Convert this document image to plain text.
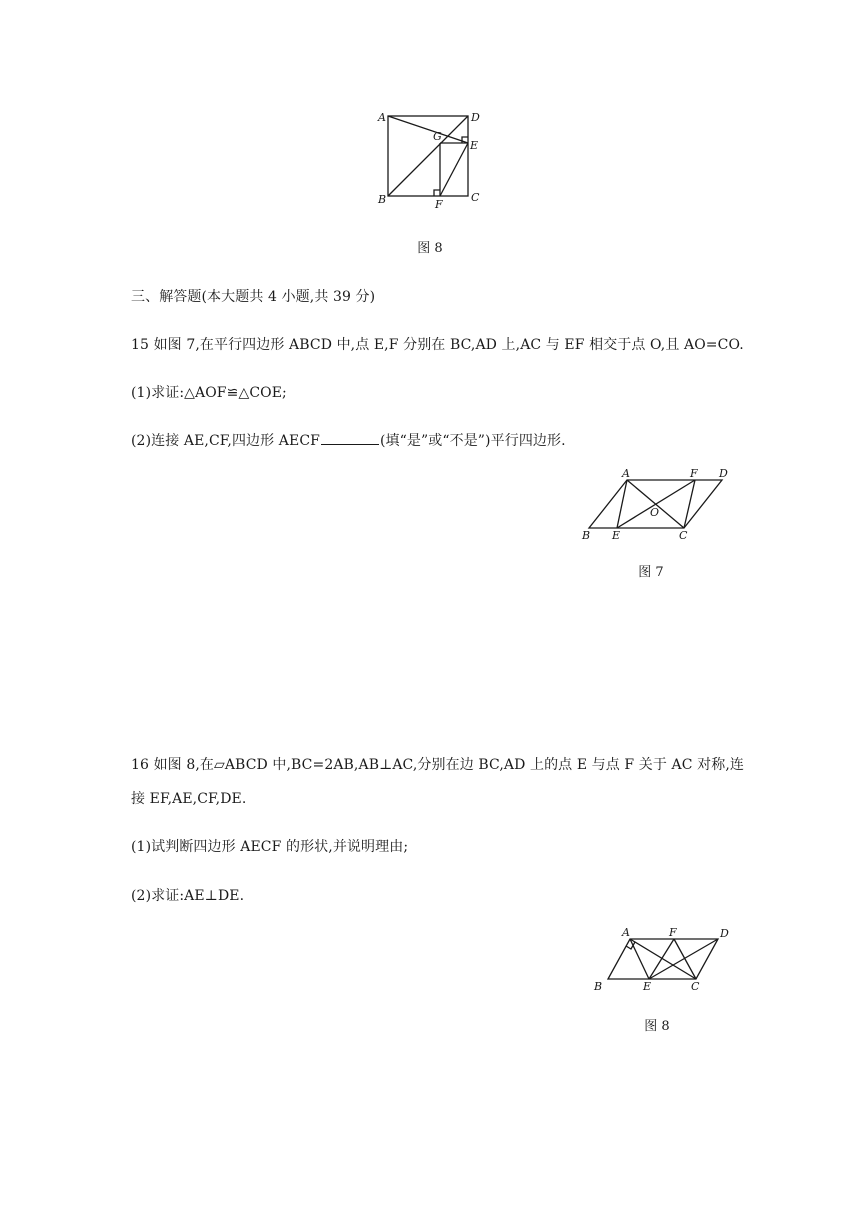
A	D
G
E
B	C
F
图 8
三、解答题(本大题共 4 小题,共 39 分)
15 如图 7,在平行四边形 ABCD 中,点 E,F 分别在 BC,AD 上,AC 与 EF 相交于点 O,且 AO=CO.
(1)求证:△AOF≌△COE;
(2)连接 AE,CF,四边形 AECF	(填“是”或“不是”)平行四边形.
A	F D
O
B E	C
图 7
16 如图 8,在▱ABCD 中,BC=2AB,AB⊥AC,分别在边 BC,AD 上的点 E 与点 F 关于 AC 对称,连
接 EF,AE,CF,DE.
(1)试判断四边形 AECF 的形状,并说明理由;
(2)求证:AE⊥DE.
A	F	D
B	E	C
图 8
